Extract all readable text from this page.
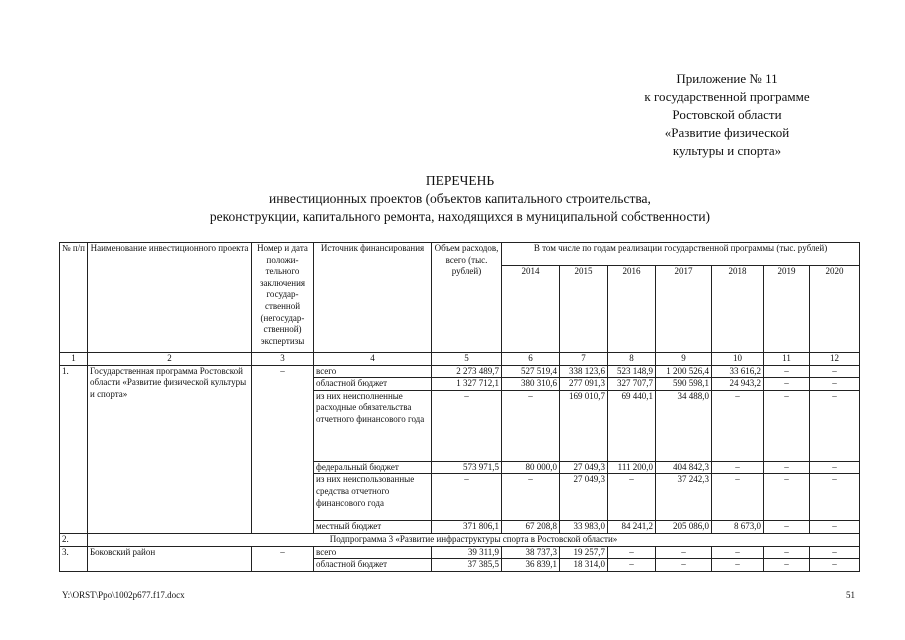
Приложение № 11
к государственной программе
Ростовской области
«Развитие физической
культуры и спорта»
ПЕРЕЧЕНЬ
инвестиционных проектов (объектов капитального строительства,
реконструкции, капитального ремонта, находящихся в муниципальной собственности)
№ п/п	Наименование инвестиционного проекта	Номер и дата положи-тельного заключения государ-ственной (негосудар-ственной) экспертизы	Источник финансирования	Объем расходов, всего (тыс. рублей)	В том числе по годам реализации государственной программы (тыс. рублей)						
					2014	2015	2016	2017	2018	2019	2020
1	2	3	4	5	6	7	8	9	10	11	12
1.	Государственная программа Ростовской области «Развитие физической культуры и спорта»	–	всего	2 273 489,7	527 519,4	338 123,6	523 148,9	1 200 526,4	33 616,2	–	–
			областной бюджет	1 327 712,1	380 310,6	277 091,3	327 707,7	590 598,1	24 943,2	–	–
			из них неисполненные расходные обязательства отчетного финансового года	–	–	169 010,7	69 440,1	34 488,0	–	–	–
			федеральный бюджет	573 971,5	80 000,0	27 049,3	111 200,0	404 842,3	–	–	–
			из них неиспользованные средства отчетного финансового года	–	–	27 049,3	–	37 242,3	–	–	–
			местный бюджет	371 806,1	67 208,8	33 983,0	84 241,2	205 086,0	8 673,0	–	–
2.	Подпрограмма 3 «Развитие инфраструктуры спорта в Ростовской области»										
3.	Боковский район	–	всего	39 311,9	38 737,3	19 257,7	–	–	–	–	–
			областной бюджет	37 385,5	36 839,1	18 314,0	–	–	–	–	–
Y:\ORST\Ppo\1002p677.f17.docx	51
